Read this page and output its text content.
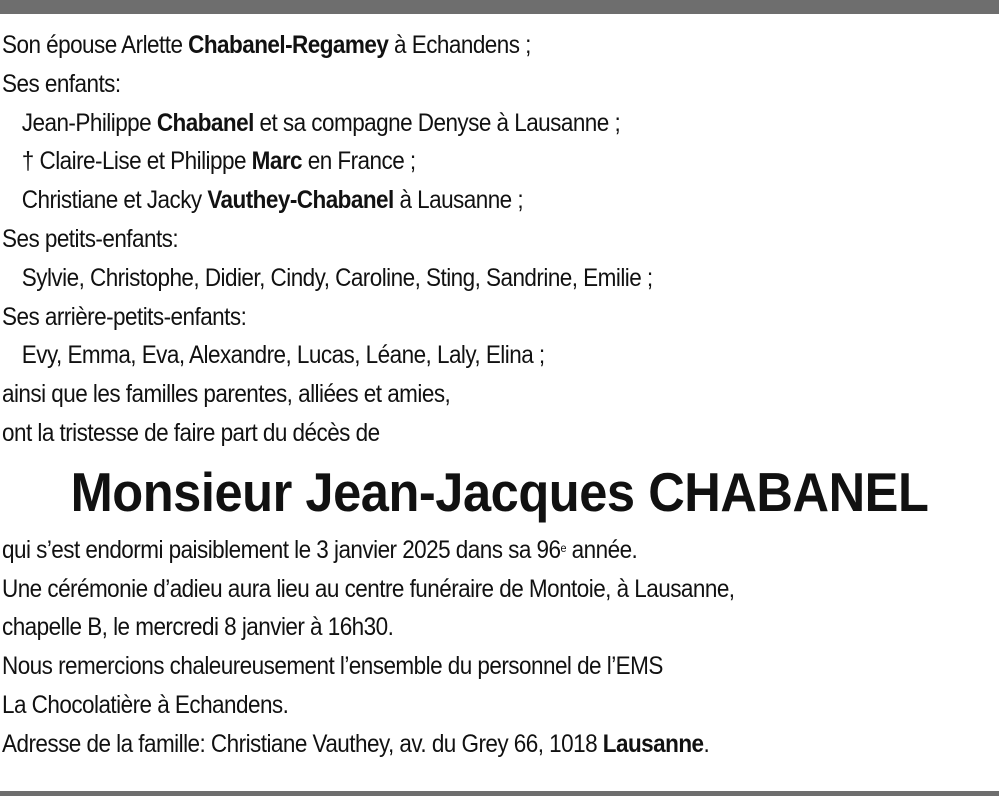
Son épouse Arlette Chabanel-Regamey à Echandens ;
Ses enfants:
Jean-Philippe Chabanel et sa compagne Denyse à Lausanne ;
† Claire-Lise et Philippe Marc en France ;
Christiane et Jacky Vauthey-Chabanel à Lausanne ;
Ses petits-enfants:
Sylvie, Christophe, Didier, Cindy, Caroline, Sting, Sandrine, Emilie ;
Ses arrière-petits-enfants:
Evy, Emma, Eva, Alexandre, Lucas, Léane, Laly, Elina ;
ainsi que les familles parentes, alliées et amies,
ont la tristesse de faire part du décès de
Monsieur Jean-Jacques CHABANEL
qui s’est endormi paisiblement le 3 janvier 2025 dans sa 96e année.
Une cérémonie d’adieu aura lieu au centre funéraire de Montoie, à Lausanne,
chapelle B, le mercredi 8 janvier à 16h30.
Nous remercions chaleureusement l’ensemble du personnel de l’EMS
La Chocolatière à Echandens.
Adresse de la famille: Christiane Vauthey, av. du Grey 66, 1018 Lausanne.
